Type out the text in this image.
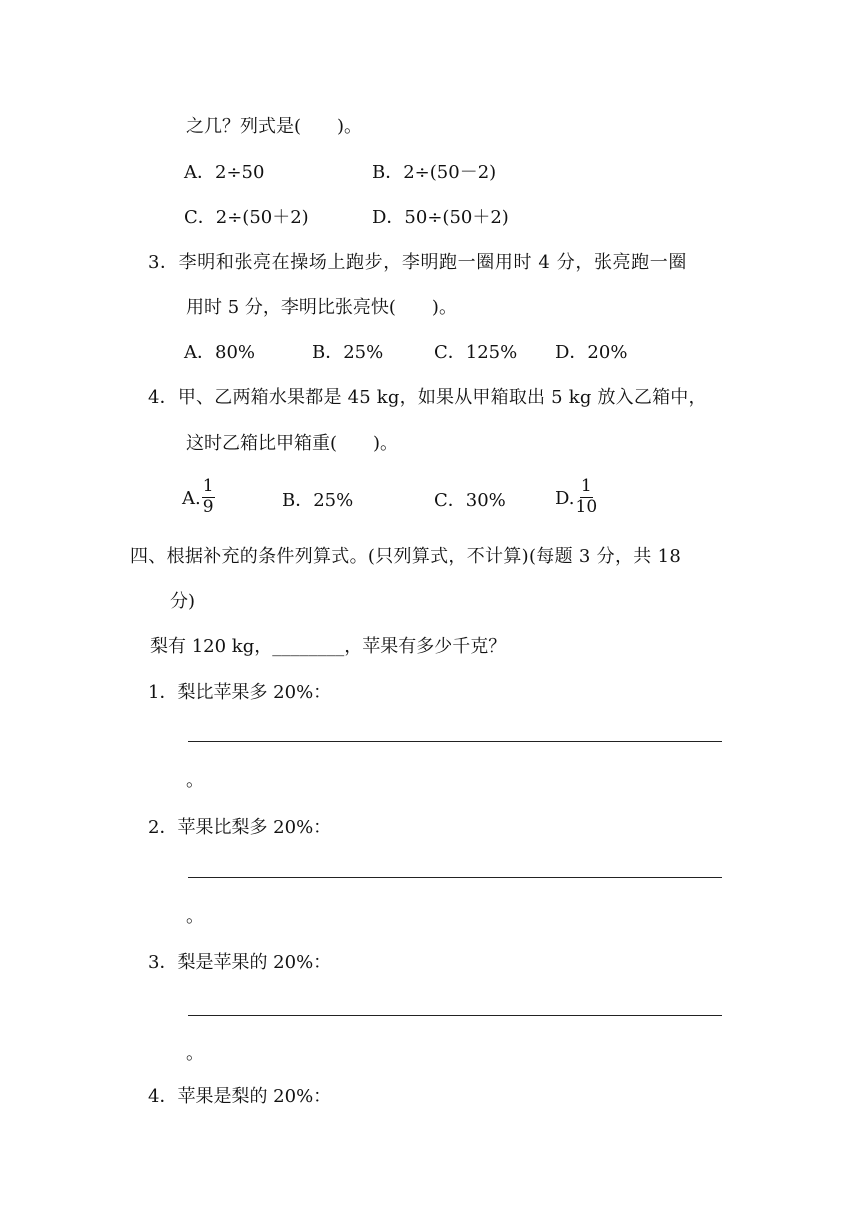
之几？列式是(　　)。
A．2÷50	B．2÷(50－2)
C．2÷(50＋2)	D．50÷(50＋2)
3．李明和张亮在操场上跑步，李明跑一圈用时 4 分，张亮跑一圈
用时 5 分，李明比张亮快(　　)。
A．80%	B．25%	C．125% D．20%
4．甲、乙两箱水果都是 45 kg，如果从甲箱取出 5 kg 放入乙箱中，
这时乙箱比甲箱重(　　)。
A. $\frac{1}{9}$	B．25%	C．30%	D. $\frac{1}{10}$
四、根据补充的条件列算式。(只列算式，不计算)(每题 3 分，共 18
分)
梨有 120 kg，________，苹果有多少千克？
1．梨比苹果多 20%：
。
2．苹果比梨多 20%：
。
3．梨是苹果的 20%：
。
4．苹果是梨的 20%：
